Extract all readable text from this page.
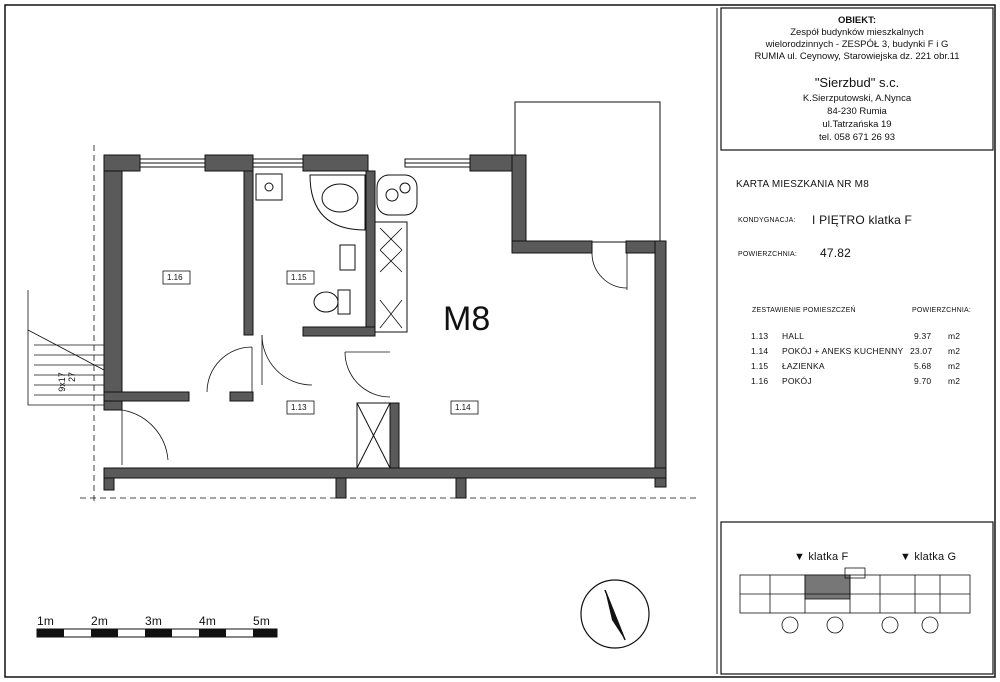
OBIEKT:
Zespół budynków mieszkalnych
wielorodzinnych - ZESPÓŁ 3, budynki F i G
RUMIA ul. Ceynowy, Starowiejska dz. 221 obr.11
"Sierzbud" s.c.
K.Sierzputowski, A.Nynca
84-230 Rumia
ul.Tatrzańska 19
tel. 058 671 26 93
KARTA MIESZKANIA NR M8
KONDYGNACJA: I PIĘTRO klatka F
POWIERZCHNIA: 47.82
ZESTAWIENIE POMIESZCZEŃ	POWIERZCHNIA:
1.13 HALL	9.37 m2
1.14 POKÓJ + ANEKS KUCHENNY 23.07 m2
1.15 ŁAZIENKA	5.68 m2
1.16 POKÓJ	9.70 m2
M8
1.16	1.15
1.13	1.14
9x17 27
▼ klatka F	▼ klatka G
1m	2m	3m	4m	5m
